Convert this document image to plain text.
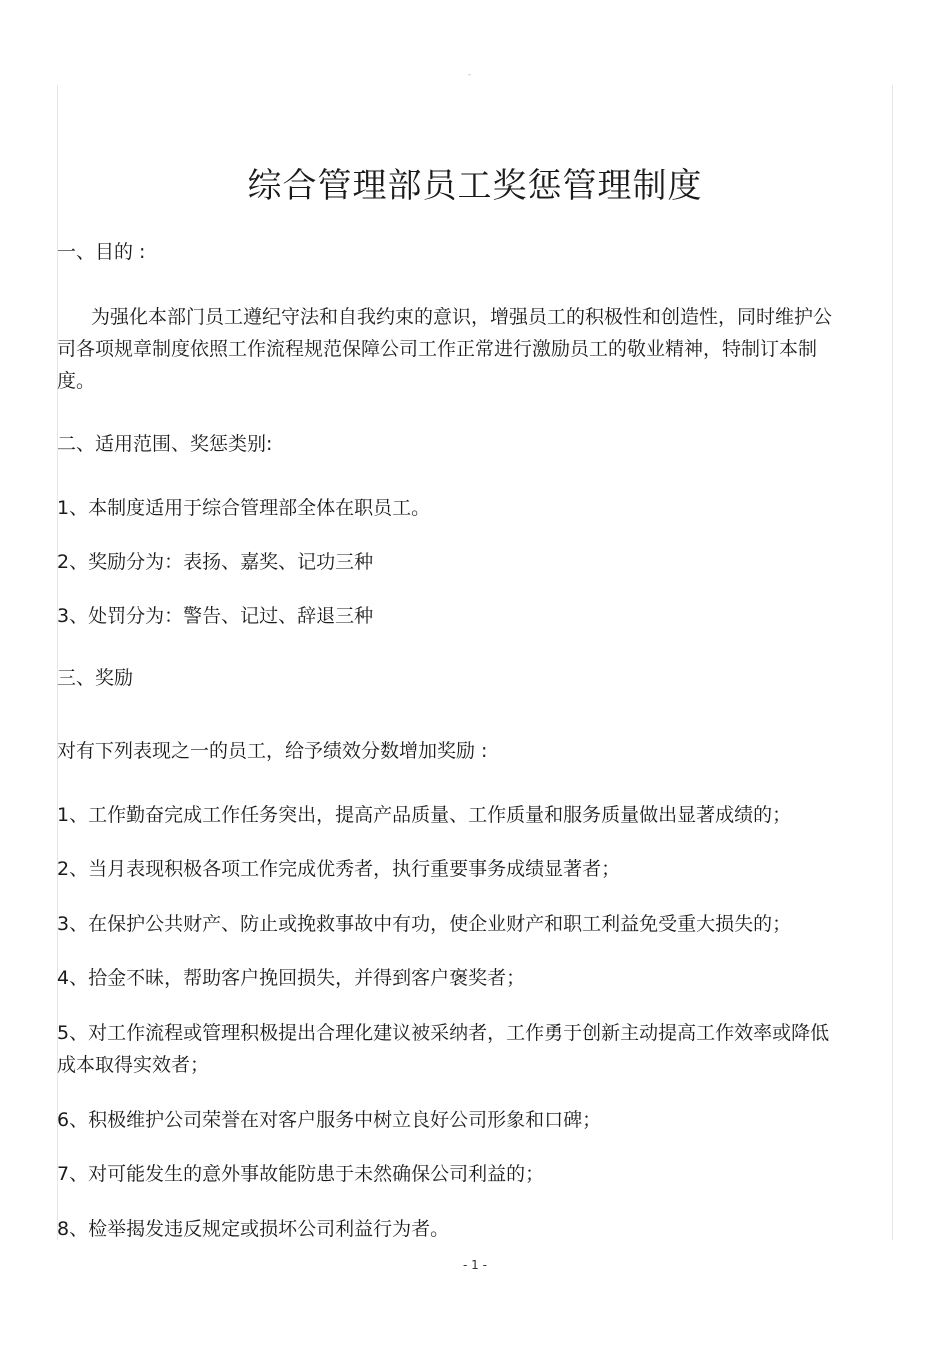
-
综合管理部员工奖惩管理制度
一、目的 :
为强化本部门员工遵纪守法和自我约束的意识，增强员工的积极性和创造性，同时维护公司各项规章制度依照工作流程规范保障公司工作正常进行激励员工的敬业精神，特制订本制度。
二、适用范围、奖惩类别:
1、本制度适用于综合管理部全体在职员工。
2、奖励分为：表扬、嘉奖、记功三种
3、处罚分为：警告、记过、辞退三种
三、奖励
对有下列表现之一的员工，给予绩效分数增加奖励 :
1、工作勤奋完成工作任务突出，提高产品质量、工作质量和服务质量做出显著成绩的；
2、当月表现积极各项工作完成优秀者，执行重要事务成绩显著者；
3、在保护公共财产、防止或挽救事故中有功，使企业财产和职工利益免受重大损失的；
4、拾金不昧，帮助客户挽回损失，并得到客户褒奖者；
5、对工作流程或管理积极提出合理化建议被采纳者，工作勇于创新主动提高工作效率或降低成本取得实效者；
6、积极维护公司荣誉在对客户服务中树立良好公司形象和口碑；
7、对可能发生的意外事故能防患于未然确保公司利益的；
8、检举揭发违反规定或损坏公司利益行为者。
- 1 -
